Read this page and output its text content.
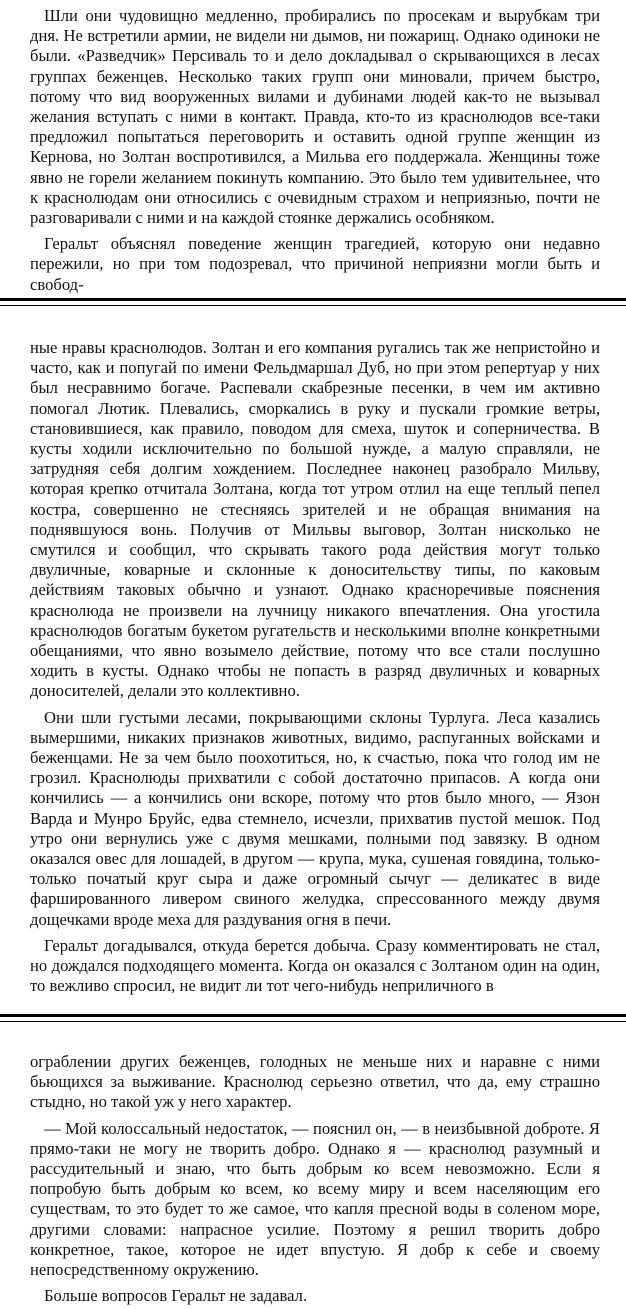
Шли они чудовищно медленно, пробирались по просекам и вырубкам три дня. Не встретили армии, не видели ни дымов, ни пожарищ. Однако одиноки не были. «Разведчик» Персиваль то и дело докладывал о скрывающихся в лесах группах беженцев. Несколько таких групп они миновали, причем быстро, потому что вид вооруженных вилами и дубинами людей как-то не вызывал желания вступать с ними в контакт. Правда, кто-то из краснолюдов все-таки предложил попытаться переговорить и оставить одной группе женщин из Кернова, но Золтан воспротивился, а Мильва его поддержала. Женщины тоже явно не горели желанием покинуть компанию. Это было тем удивительнее, что к краснолюдам они относились с очевидным страхом и неприязнью, почти не разговаривали с ними и на каждой стоянке держались особняком.

Геральт объяснял поведение женщин трагедией, которую они недавно пережили, но при том подозревал, что причиной неприязни могли быть и свобод-

ные нравы краснолюдов. Золтан и его компания ругались так же непристойно и часто, как и попугай по имени Фельдмаршал Дуб, но при этом репертуар у них был несравнимо богаче. Распевали скабрезные песенки, в чем им активно помогал Лютик. Плевались, сморкались в руку и пускали громкие ветры, становившиеся, как правило, поводом для смеха, шуток и соперничества. В кусты ходили исключительно по большой нужде, а малую справляли, не затрудняя себя долгим хождением. Последнее наконец разобрало Мильву, которая крепко отчитала Золтана, когда тот утром отлил на еще теплый пепел костра, совершенно не стесняясь зрителей и не обращая внимания на поднявшуюся вонь. Получив от Мильвы выговор, Золтан нисколько не смутился и сообщил, что скрывать такого рода действия могут только двуличные, коварные и склонные к доносительству типы, по каковым действиям таковых обычно и узнают. Однако красноречивые пояснения краснолюда не произвели на лучницу никакого впечатления. Она угостила краснолюдов богатым букетом ругательств и несколькими вполне конкретными обещаниями, что явно возымело действие, потому что все стали послушно ходить в кусты. Однако чтобы не попасть в разряд двуличных и коварных доносителей, делали это коллективно.

Они шли густыми лесами, покрывающими склоны Турлуга. Леса казались вымершими, никаких признаков животных, видимо, распуганных войсками и беженцами. Не за чем было поохотиться, но, к счастью, пока что голод им не грозил. Краснолюды прихватили с собой достаточно припасов. А когда они кончились — а кончились они вскоре, потому что ртов было много, — Язон Варда и Мунро Бруйс, едва стемнело, исчезли, прихватив пустой мешок. Под утро они вернулись уже с двумя мешками, полными под завязку. В одном оказался овес для лошадей, в другом — крупа, мука, сушеная говядина, только-только початый круг сыра и даже огромный сычуг — деликатес в виде фаршированного ливером свиного желудка, спрессованного между двумя дощечками вроде меха для раздувания огня в печи.

Геральт догадывался, откуда берется добыча. Сразу комментировать не стал, но дождался подходящего момента. Когда он оказался с Золтаном один на один, то вежливо спросил, не видит ли тот чего-нибудь неприличного в

ограблении других беженцев, голодных не меньше них и наравне с ними бьющихся за выживание. Краснолюд серьезно ответил, что да, ему страшно стыдно, но такой уж у него характер.

— Мой колоссальный недостаток, — пояснил он, — в неизбывной доброте. Я прямо-таки не могу не творить добро. Однако я — краснолюд разумный и рассудительный и знаю, что быть добрым ко всем невозможно. Если я попробую быть добрым ко всем, ко всему миру и всем населяющим его существам, то это будет то же самое, что капля пресной воды в соленом море, другими словами: напрасное усилие. Поэтому я решил творить добро конкретное, такое, которое не идет впустую. Я добр к себе и своему непосредственному окружению.

Больше вопросов Геральт не задавал.
